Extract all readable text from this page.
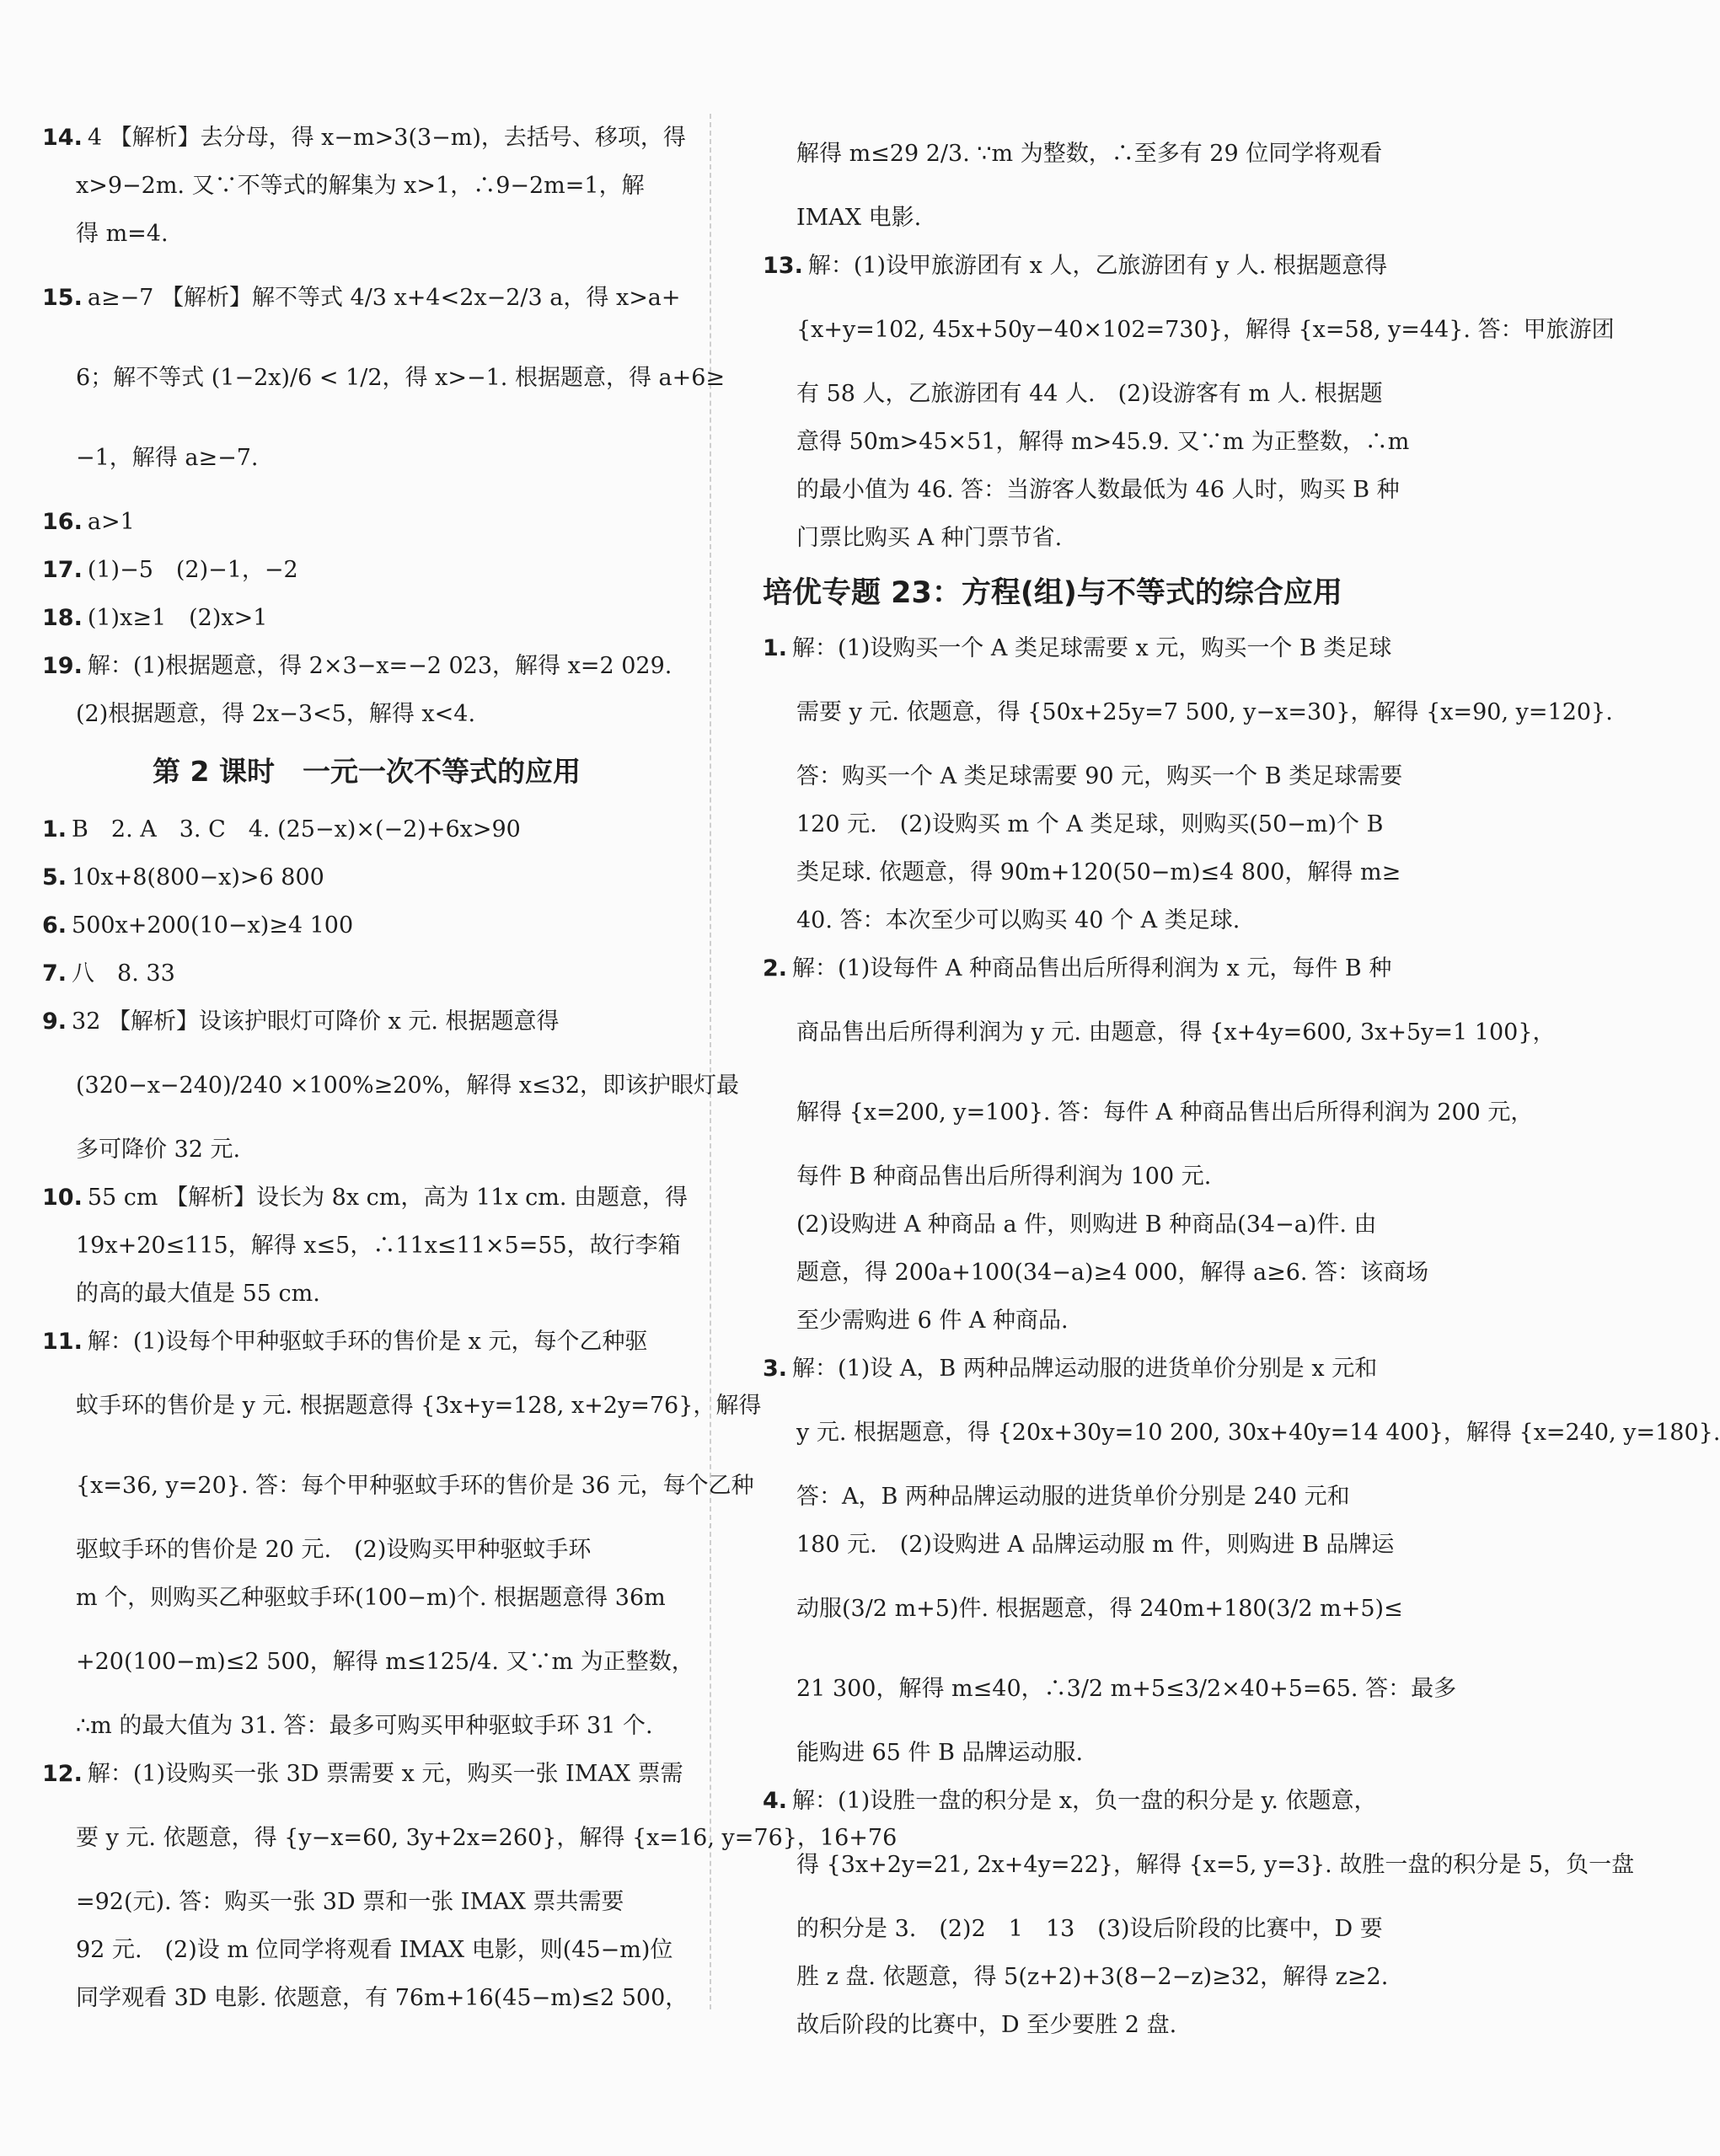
14. 4 【解析】去分母，得 x−m>3(3−m)，去括号、移项，得
x>9−2m. 又∵不等式的解集为 x>1，∴9−2m=1，解
得 m=4.
15. a≥−7 【解析】解不等式 4/3 x+4<2x−2/3 a，得 x>a+
6；解不等式 (1−2x)/6 < 1/2，得 x>−1. 根据题意，得 a+6≥
−1，解得 a≥−7.
16. a>1
17. (1)−5　(2)−1，−2
18. (1)x≥1　(2)x>1
19. 解：(1)根据题意，得 2×3−x=−2 023，解得 x=2 029.
(2)根据题意，得 2x−3<5，解得 x<4.
第 2 课时　一元一次不等式的应用
1. B　2. A　3. C　4. (25−x)×(−2)+6x>90
5. 10x+8(800−x)>6 800
6. 500x+200(10−x)≥4 100
7. 八　8. 33
9. 32 【解析】设该护眼灯可降价 x 元. 根据题意得
(320−x−240)/240 ×100%≥20%，解得 x≤32，即该护眼灯最
多可降价 32 元.
10. 55 cm 【解析】设长为 8x cm，高为 11x cm. 由题意，得
19x+20≤115，解得 x≤5，∴11x≤11×5=55，故行李箱
的高的最大值是 55 cm.
11. 解：(1)设每个甲种驱蚊手环的售价是 x 元，每个乙种驱
蚊手环的售价是 y 元. 根据题意得 {3x+y=128, x+2y=76}，解得
{x=36, y=20}. 答：每个甲种驱蚊手环的售价是 36 元，每个乙种
驱蚊手环的售价是 20 元.　(2)设购买甲种驱蚊手环
m 个，则购买乙种驱蚊手环(100−m)个. 根据题意得 36m
+20(100−m)≤2 500，解得 m≤125/4. 又∵m 为正整数，
∴m 的最大值为 31. 答：最多可购买甲种驱蚊手环 31 个.
12. 解：(1)设购买一张 3D 票需要 x 元，购买一张 IMAX 票需
要 y 元. 依题意，得 {y−x=60, 3y+2x=260}，解得 {x=16, y=76}，16+76
=92(元). 答：购买一张 3D 票和一张 IMAX 票共需要
92 元.　(2)设 m 位同学将观看 IMAX 电影，则(45−m)位
同学观看 3D 电影. 依题意，有 76m+16(45−m)≤2 500，
解得 m≤29 2/3. ∵m 为整数，∴至多有 29 位同学将观看
IMAX 电影.
13. 解：(1)设甲旅游团有 x 人，乙旅游团有 y 人. 根据题意得
{x+y=102, 45x+50y−40×102=730}，解得 {x=58, y=44}. 答：甲旅游团
有 58 人，乙旅游团有 44 人.　(2)设游客有 m 人. 根据题
意得 50m>45×51，解得 m>45.9. 又∵m 为正整数，∴m
的最小值为 46. 答：当游客人数最低为 46 人时，购买 B 种
门票比购买 A 种门票节省.
培优专题 23：方程(组)与不等式的综合应用
1. 解：(1)设购买一个 A 类足球需要 x 元，购买一个 B 类足球
需要 y 元. 依题意，得 {50x+25y=7 500, y−x=30}，解得 {x=90, y=120}.
答：购买一个 A 类足球需要 90 元，购买一个 B 类足球需要
120 元.　(2)设购买 m 个 A 类足球，则购买(50−m)个 B
类足球. 依题意，得 90m+120(50−m)≤4 800，解得 m≥
40. 答：本次至少可以购买 40 个 A 类足球.
2. 解：(1)设每件 A 种商品售出后所得利润为 x 元，每件 B 种
商品售出后所得利润为 y 元. 由题意，得 {x+4y=600, 3x+5y=1 100}，
解得 {x=200, y=100}. 答：每件 A 种商品售出后所得利润为 200 元，
每件 B 种商品售出后所得利润为 100 元.
(2)设购进 A 种商品 a 件，则购进 B 种商品(34−a)件. 由
题意，得 200a+100(34−a)≥4 000，解得 a≥6. 答：该商场
至少需购进 6 件 A 种商品.
3. 解：(1)设 A，B 两种品牌运动服的进货单价分别是 x 元和
y 元. 根据题意，得 {20x+30y=10 200, 30x+40y=14 400}，解得 {x=240, y=180}.
答：A，B 两种品牌运动服的进货单价分别是 240 元和
180 元.　(2)设购进 A 品牌运动服 m 件，则购进 B 品牌运
动服(3/2 m+5)件. 根据题意，得 240m+180(3/2 m+5)≤
21 300，解得 m≤40，∴3/2 m+5≤3/2×40+5=65. 答：最多
能购进 65 件 B 品牌运动服.
4. 解：(1)设胜一盘的积分是 x，负一盘的积分是 y. 依题意，
得 {3x+2y=21, 2x+4y=22}，解得 {x=5, y=3}. 故胜一盘的积分是 5，负一盘
的积分是 3.　(2)2　1　13　(3)设后阶段的比赛中，D 要
胜 z 盘. 依题意，得 5(z+2)+3(8−2−z)≥32，解得 z≥2.
故后阶段的比赛中，D 至少要胜 2 盘.
